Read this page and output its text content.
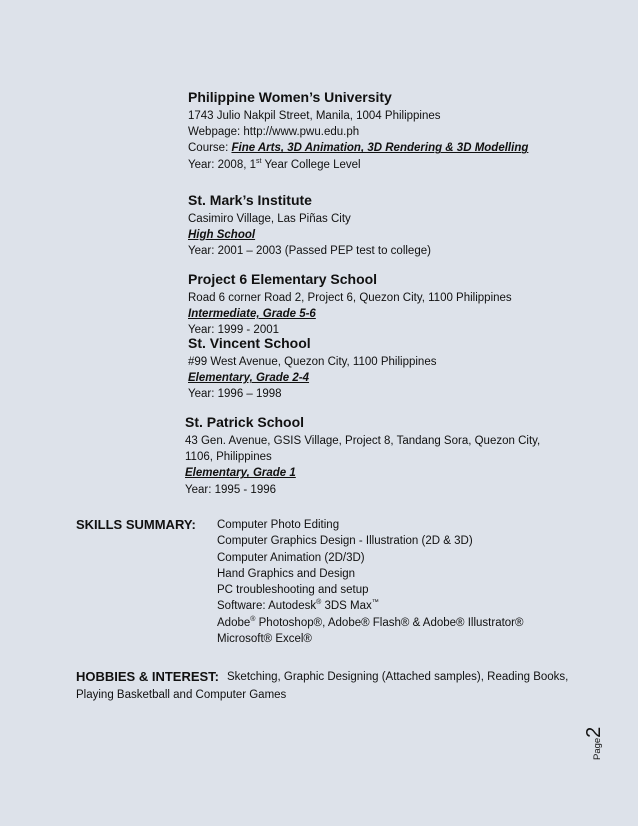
Philippine Women’s University
1743 Julio Nakpil Street, Manila, 1004 Philippines
Webpage: http://www.pwu.edu.ph
Course: Fine Arts, 3D Animation, 3D Rendering & 3D Modelling
Year: 2008, 1st Year College Level
St. Mark’s Institute
Casimiro Village, Las Piñas City
High School
Year: 2001 – 2003 (Passed PEP test to college)
Project 6 Elementary School
Road 6 corner Road 2, Project 6, Quezon City, 1100 Philippines
Intermediate, Grade 5-6
Year: 1999 - 2001
St. Vincent School
#99 West Avenue, Quezon City, 1100 Philippines
Elementary, Grade 2-4
Year: 1996 – 1998
St. Patrick School
43 Gen. Avenue, GSIS Village, Project 8, Tandang Sora, Quezon City,
1106, Philippines
Elementary, Grade 1
Year: 1995 - 1996
SKILLS SUMMARY: Computer Photo Editing
Computer Graphics Design - Illustration (2D & 3D)
Computer Animation (2D/3D)
Hand Graphics and Design
PC troubleshooting and setup
Software: Autodesk® 3DS Max™
Adobe® Photoshop®, Adobe® Flash® & Adobe® Illustrator®
Microsoft® Excel®
HOBBIES & INTEREST: Sketching, Graphic Designing (Attached samples), Reading Books,
Playing Basketball and Computer Games
Page2
